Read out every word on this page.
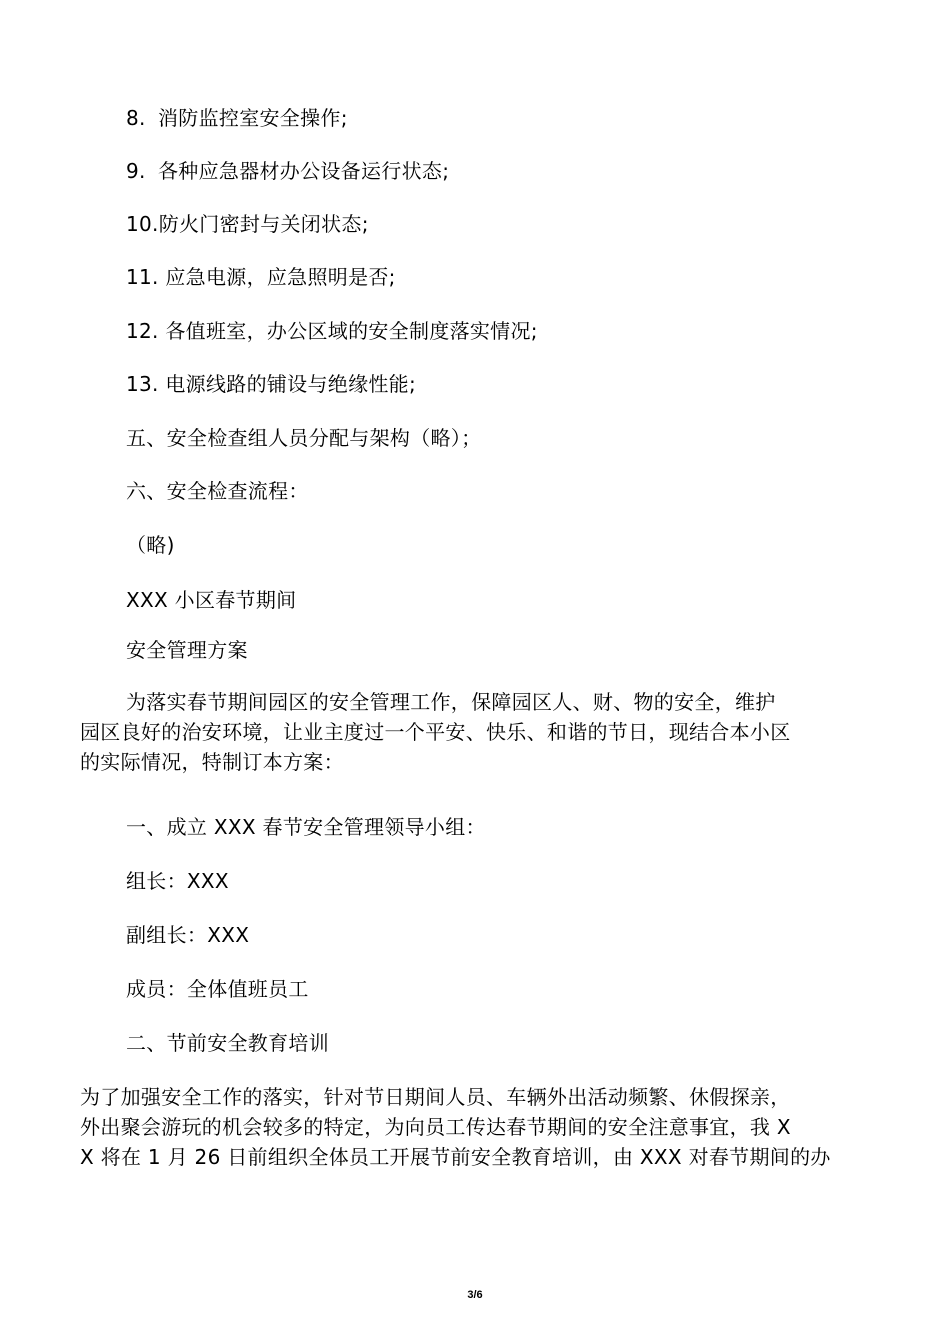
8. 消防监控室安全操作;
9. 各种应急器材办公设备运行状态;
10.防火门密封与关闭状态;
11. 应急电源，应急照明是否;
12. 各值班室，办公区域的安全制度落实情况;
13. 电源线路的铺设与绝缘性能;
五、安全检查组人员分配与架构（略）；
六、安全检查流程：
（略)
XXX 小区春节期间
安全管理方案
为落实春节期间园区的安全管理工作，保障园区人、财、物的安全，维护
园区良好的治安环境，让业主度过一个平安、快乐、和谐的节日，现结合本小区
的实际情况，特制订本方案：
一、成立 XXX 春节安全管理领导小组：
组长：XXX
副组长：XXX
成员：全体值班员工
二、节前安全教育培训
为了加强安全工作的落实，针对节日期间人员、车辆外出活动频繁、休假探亲，
外出聚会游玩的机会较多的特定，为向员工传达春节期间的安全注意事宜，我 X
X 将在 1 月 26 日前组织全体员工开展节前安全教育培训，由 XXX 对春节期间的办
3/6
